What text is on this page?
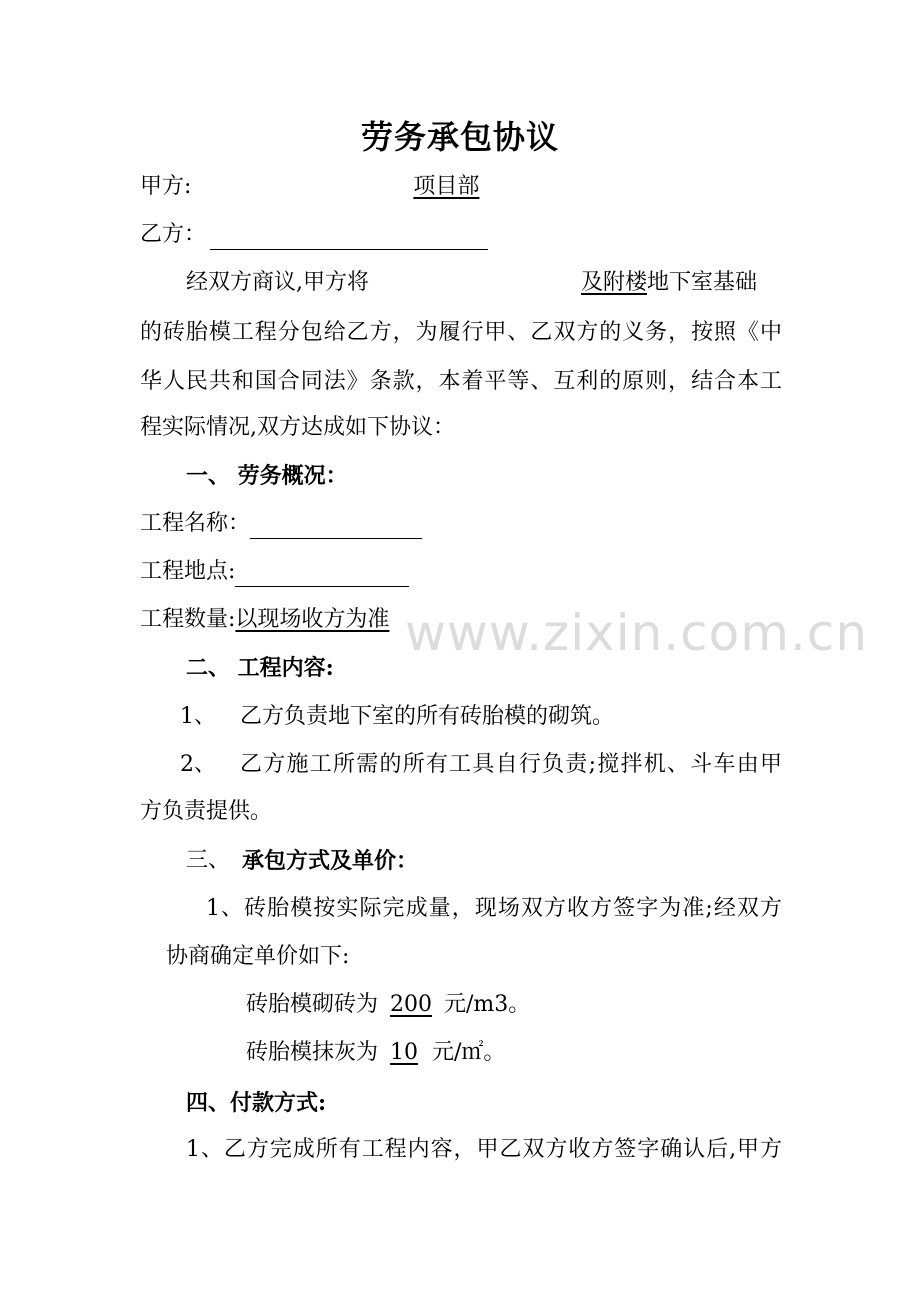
劳务承包协议
甲方:	项目部
乙方：
经双方商议,甲方将	及附楼地下室基础
的砖胎模工程分包给乙方，为履行甲、乙双方的义务，按照《中
华人民共和国合同法》条款，本着平等、互利的原则，结合本工
程实际情况,双方达成如下协议：
一、 劳务概况：
工程名称：
工程地点:
工程数量:以现场收方为准 www.zixin.com.cn
二、 工程内容:
1、 乙方负责地下室的所有砖胎模的砌筑。
2、 乙方施工所需的所有工具自行负责;搅拌机、斗车由甲
方负责提供。
三、 承包方式及单价：
1、砖胎模按实际完成量，现场双方收方签字为准;经双方
协商确定单价如下:
砖胎模砌砖为 200 元/m3。
砖胎模抹灰为 10 元/㎡。
四、付款方式:
1、乙方完成所有工程内容，甲乙双方收方签字确认后,甲方
